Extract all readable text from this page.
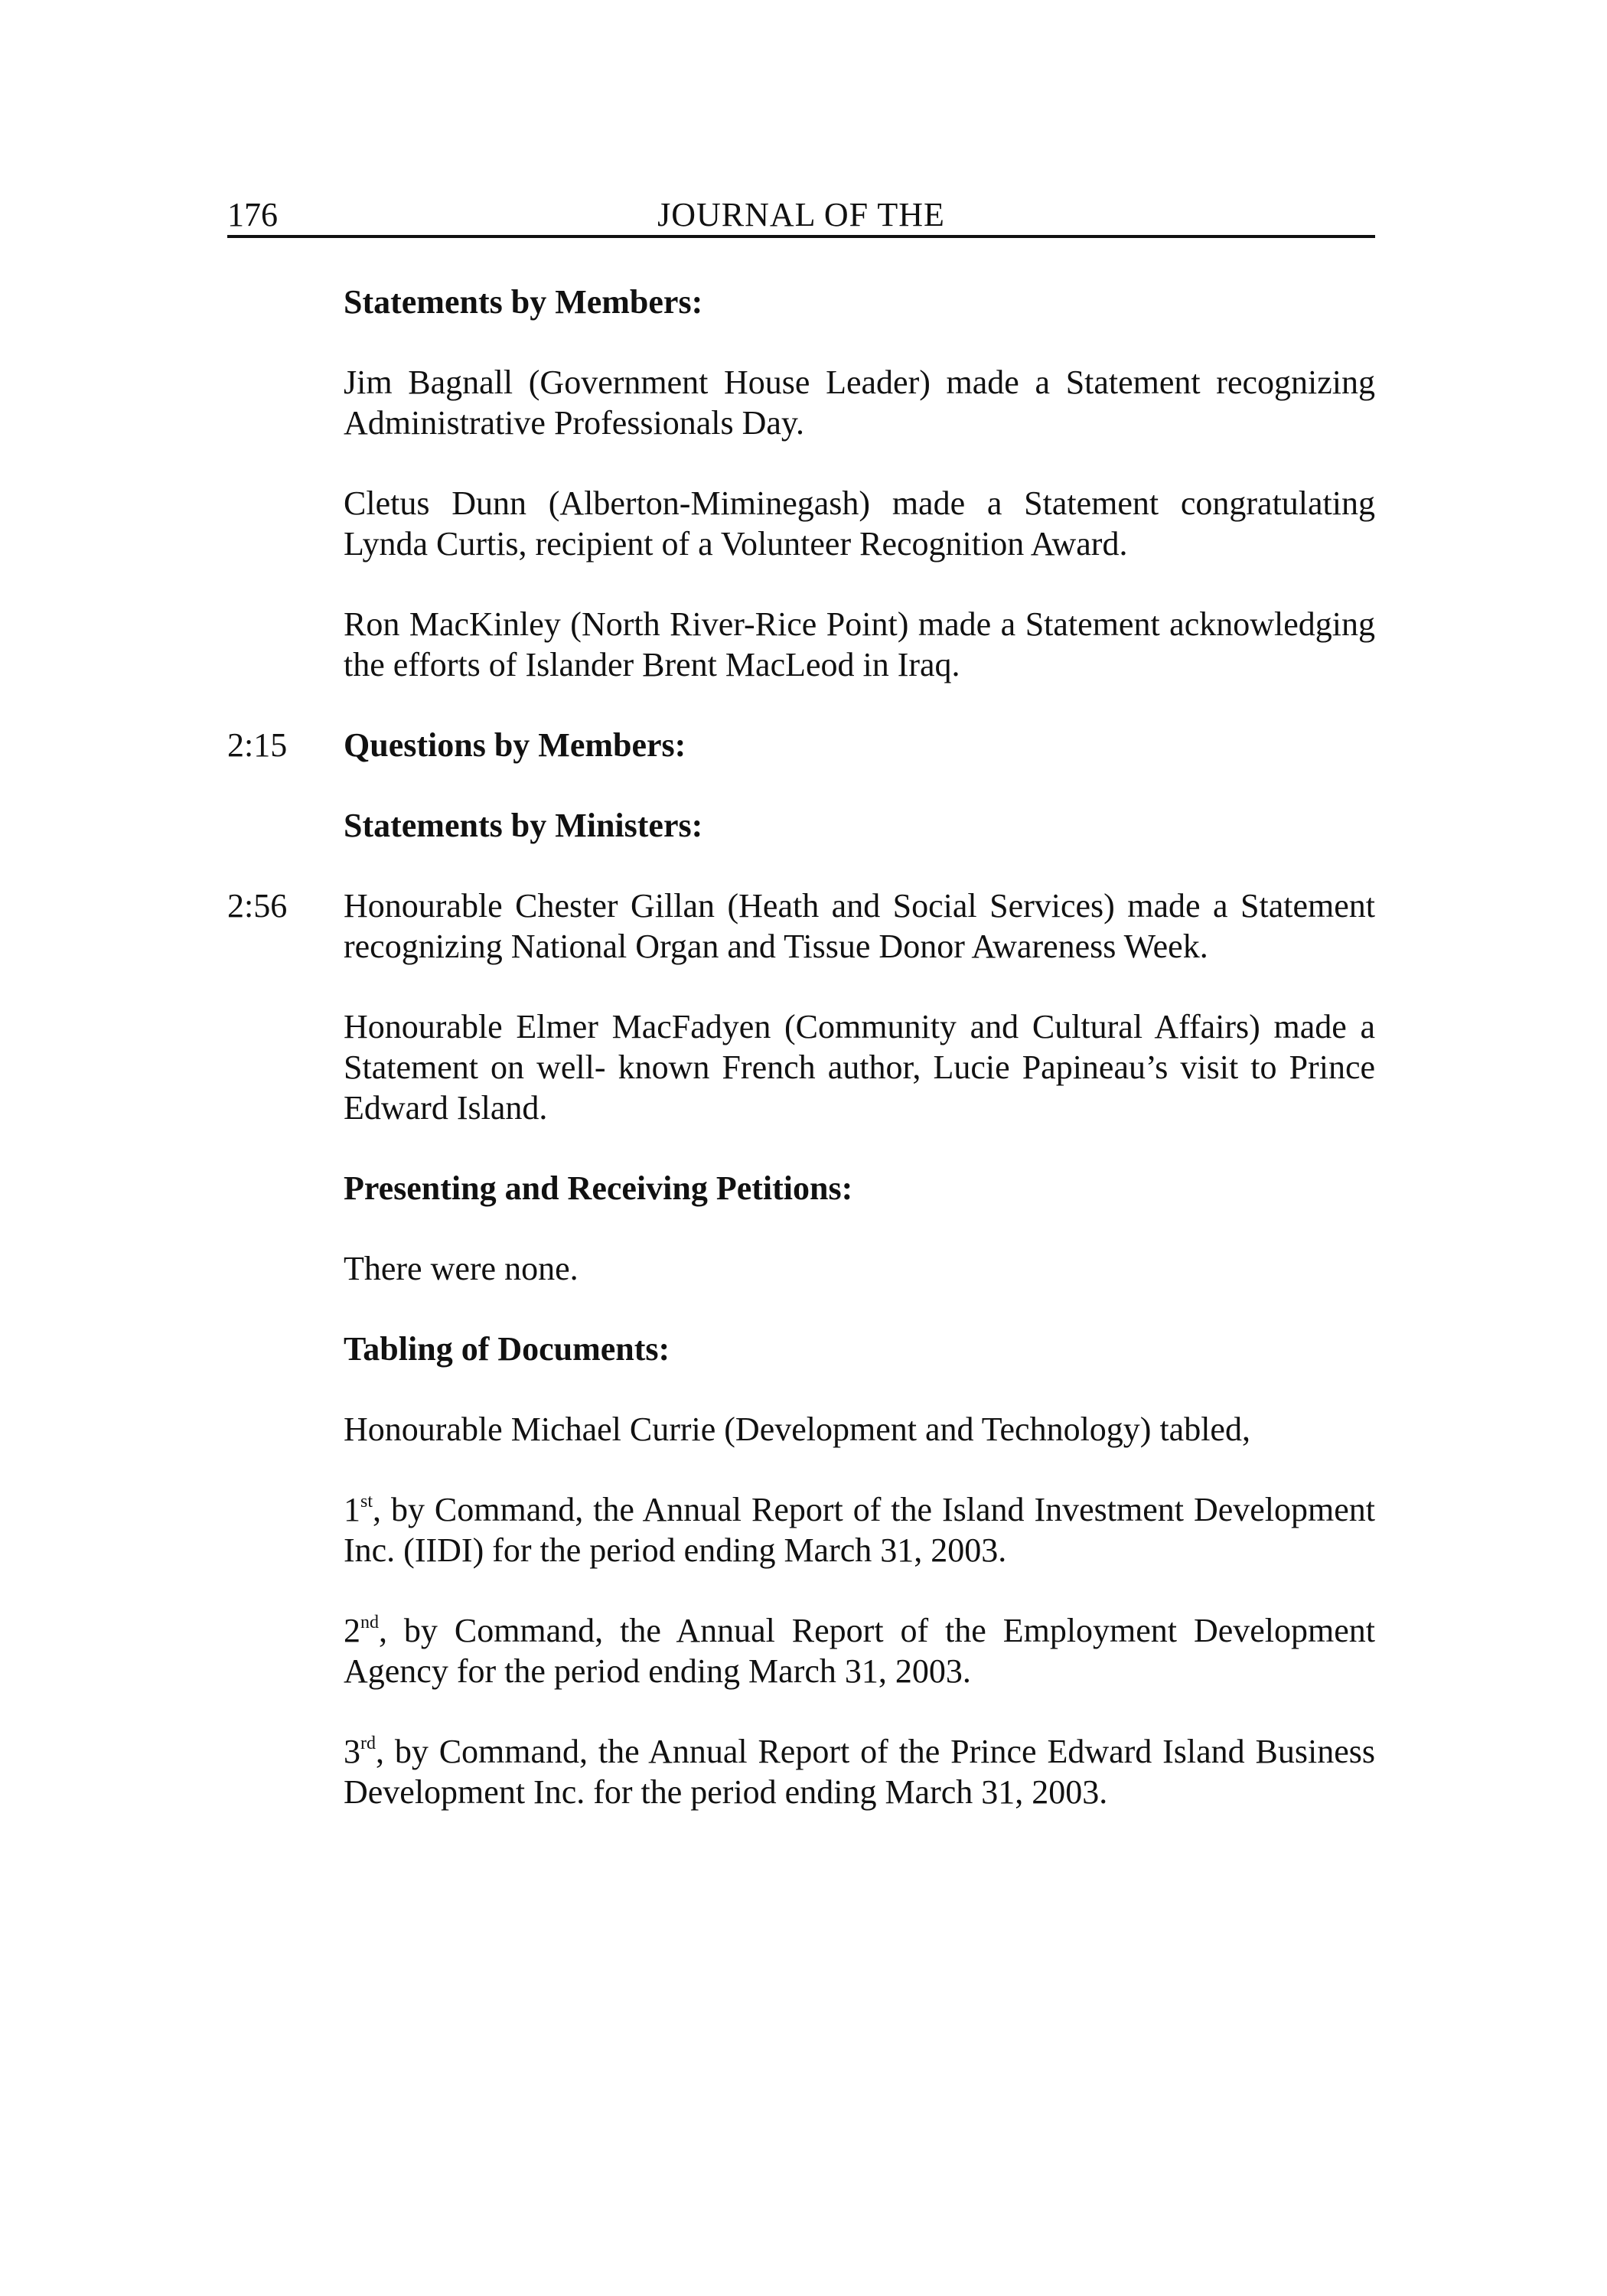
176	JOURNAL OF THE
Statements by Members:
Jim Bagnall (Government House Leader) made a Statement recognizing Administrative Professionals Day.
Cletus Dunn (Alberton-Miminegash) made a Statement congratulating Lynda Curtis, recipient of a Volunteer Recognition Award.
Ron MacKinley (North River-Rice Point) made a Statement acknowledging the efforts of Islander Brent MacLeod in Iraq.
2:15 Questions by Members:
Statements by Ministers:
2:56 Honourable Chester Gillan (Heath and Social Services) made a Statement recognizing National Organ and Tissue Donor Awareness Week.
Honourable Elmer MacFadyen (Community and Cultural Affairs) made a Statement on well- known French author, Lucie Papineau’s visit to Prince Edward Island.
Presenting and Receiving Petitions:
There were none.
Tabling of Documents:
Honourable Michael Currie (Development and Technology) tabled,
1st, by Command, the Annual Report of the Island Investment Development Inc. (IIDI) for the period ending March 31, 2003.
2nd, by Command, the Annual Report of the Employment Development Agency for the period ending March 31, 2003.
3rd, by Command, the Annual Report of the Prince Edward Island Business Development Inc. for the period ending March 31, 2003.
